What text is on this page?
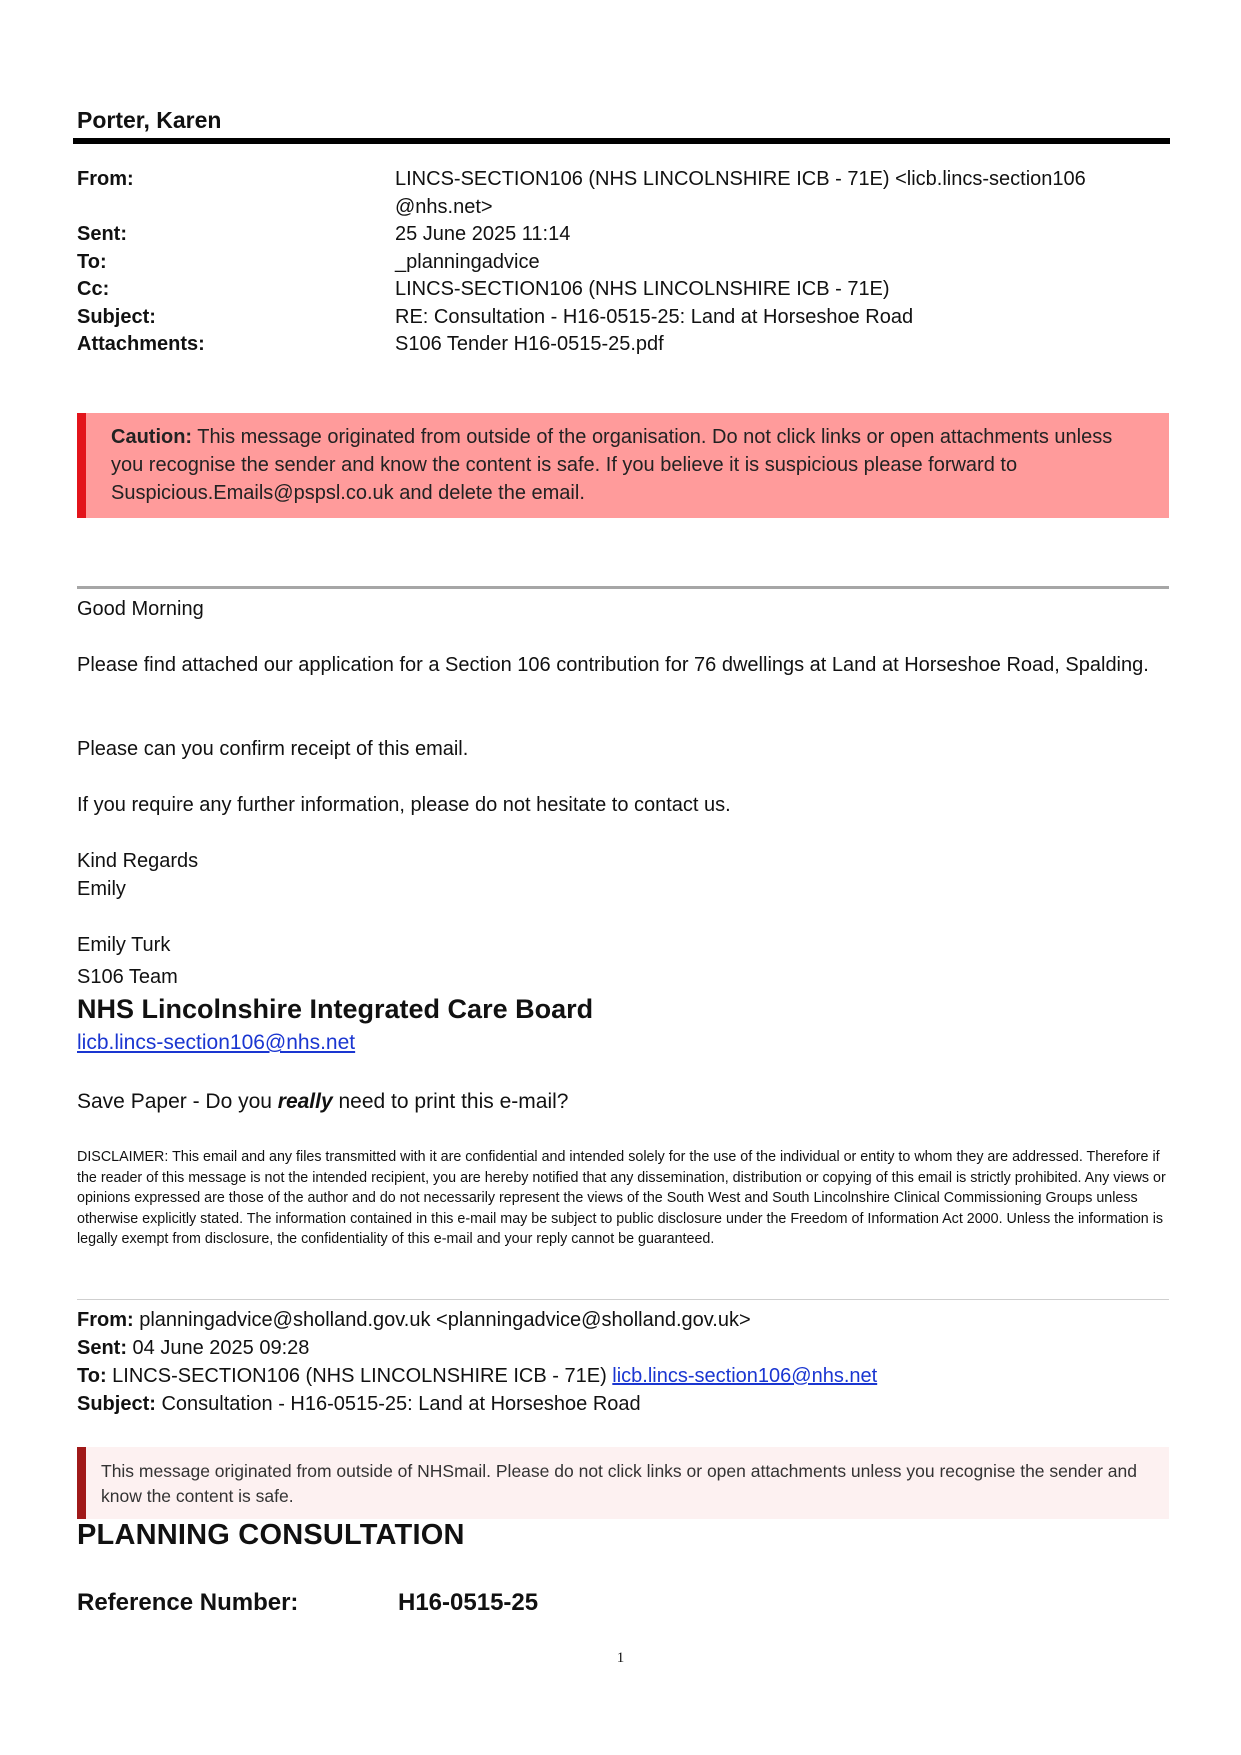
Porter, Karen
From:	LINCS-SECTION106 (NHS LINCOLNSHIRE ICB - 71E) <licb.lincs-section106 @nhs.net>
Sent:	25 June 2025 11:14
To:	_planningadvice
Cc:	LINCS-SECTION106 (NHS LINCOLNSHIRE ICB - 71E)
Subject:	RE: Consultation - H16-0515-25: Land at Horseshoe Road
Attachments:	S106 Tender H16-0515-25.pdf
Caution: This message originated from outside of the organisation. Do not click links or open attachments unless you recognise the sender and know the content is safe. If you believe it is suspicious please forward to Suspicious.Emails@pspsl.co.uk and delete the email.
Good Morning
Please find attached our application for a Section 106 contribution for 76 dwellings at Land at Horseshoe Road, Spalding.
Please can you confirm receipt of this email.
If you require any further information, please do not hesitate to contact us.
Kind Regards
Emily
Emily Turk
S106 Team
NHS Lincolnshire Integrated Care Board
licb.lincs-section106@nhs.net
Save Paper - Do you really need to print this e-mail?
DISCLAIMER: This email and any files transmitted with it are confidential and intended solely for the use of the individual or entity to whom they are addressed. Therefore if the reader of this message is not the intended recipient, you are hereby notified that any dissemination, distribution or copying of this email is strictly prohibited. Any views or opinions expressed are those of the author and do not necessarily represent the views of the South West and South Lincolnshire Clinical Commissioning Groups unless otherwise explicitly stated. The information contained in this e-mail may be subject to public disclosure under the Freedom of Information Act 2000. Unless the information is legally exempt from disclosure, the confidentiality of this e-mail and your reply cannot be guaranteed.
From: planningadvice@sholland.gov.uk <planningadvice@sholland.gov.uk>
Sent: 04 June 2025 09:28
To: LINCS-SECTION106 (NHS LINCOLNSHIRE ICB - 71E) licb.lincs-section106@nhs.net
Subject: Consultation - H16-0515-25: Land at Horseshoe Road
This message originated from outside of NHSmail. Please do not click links or open attachments unless you recognise the sender and know the content is safe.
PLANNING CONSULTATION
Reference Number:	H16-0515-25
1
